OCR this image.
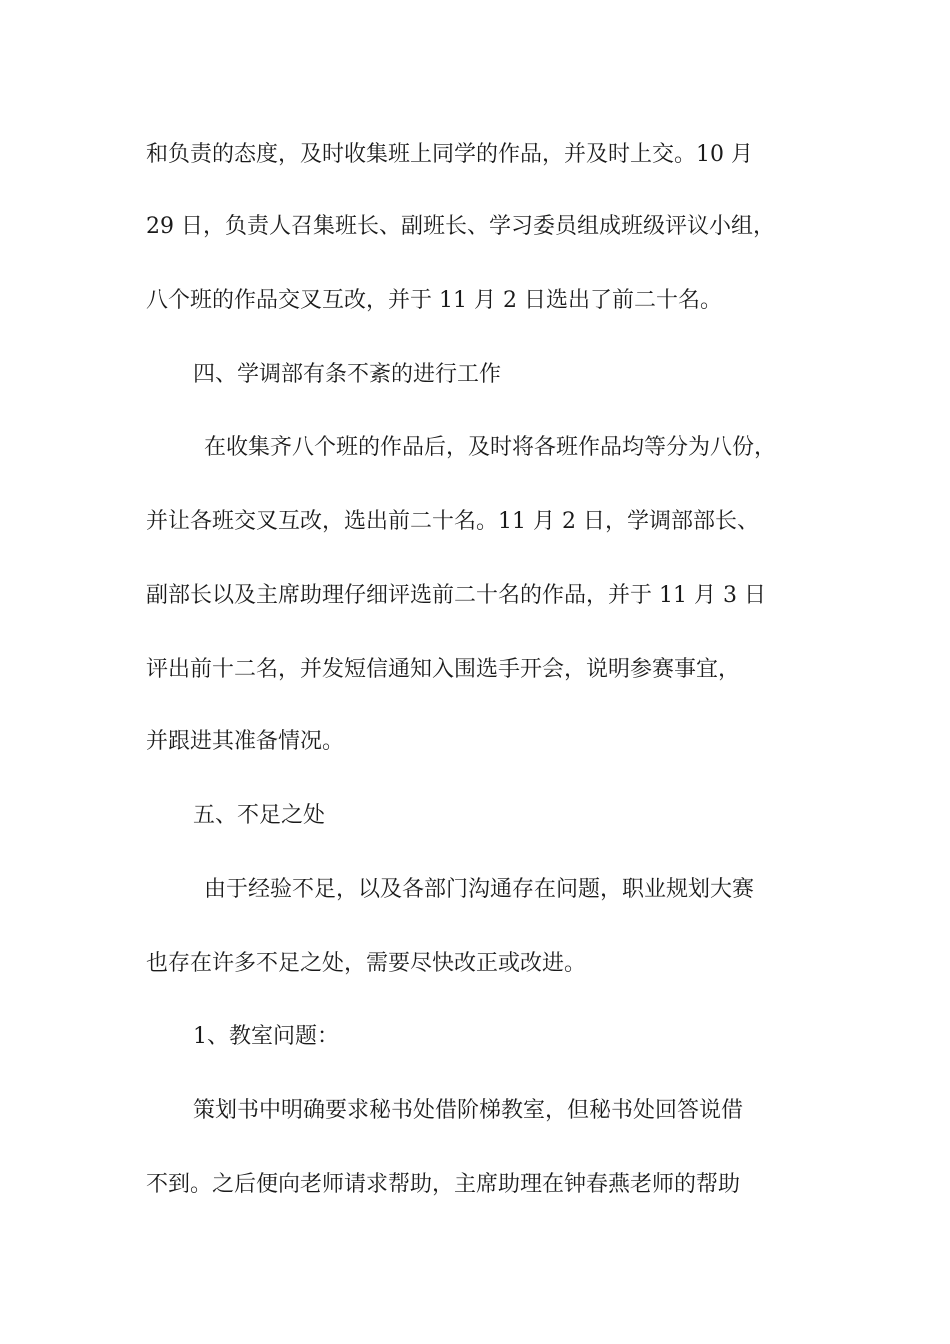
和负责的态度，及时收集班上同学的作品，并及时上交。10 月
29 日，负责人召集班长、副班长、学习委员组成班级评议小组，
八个班的作品交叉互改，并于 11 月 2 日选出了前二十名。
四、学调部有条不紊的进行工作
在收集齐八个班的作品后，及时将各班作品均等分为八份，
并让各班交叉互改，选出前二十名。11 月 2 日，学调部部长、
副部长以及主席助理仔细评选前二十名的作品，并于 11 月 3 日
评出前十二名，并发短信通知入围选手开会，说明参赛事宜，
并跟进其准备情况。
五、不足之处
由于经验不足，以及各部门沟通存在问题，职业规划大赛
也存在许多不足之处，需要尽快改正或改进。
1、教室问题：
策划书中明确要求秘书处借阶梯教室，但秘书处回答说借
不到。之后便向老师请求帮助，主席助理在钟春燕老师的帮助
